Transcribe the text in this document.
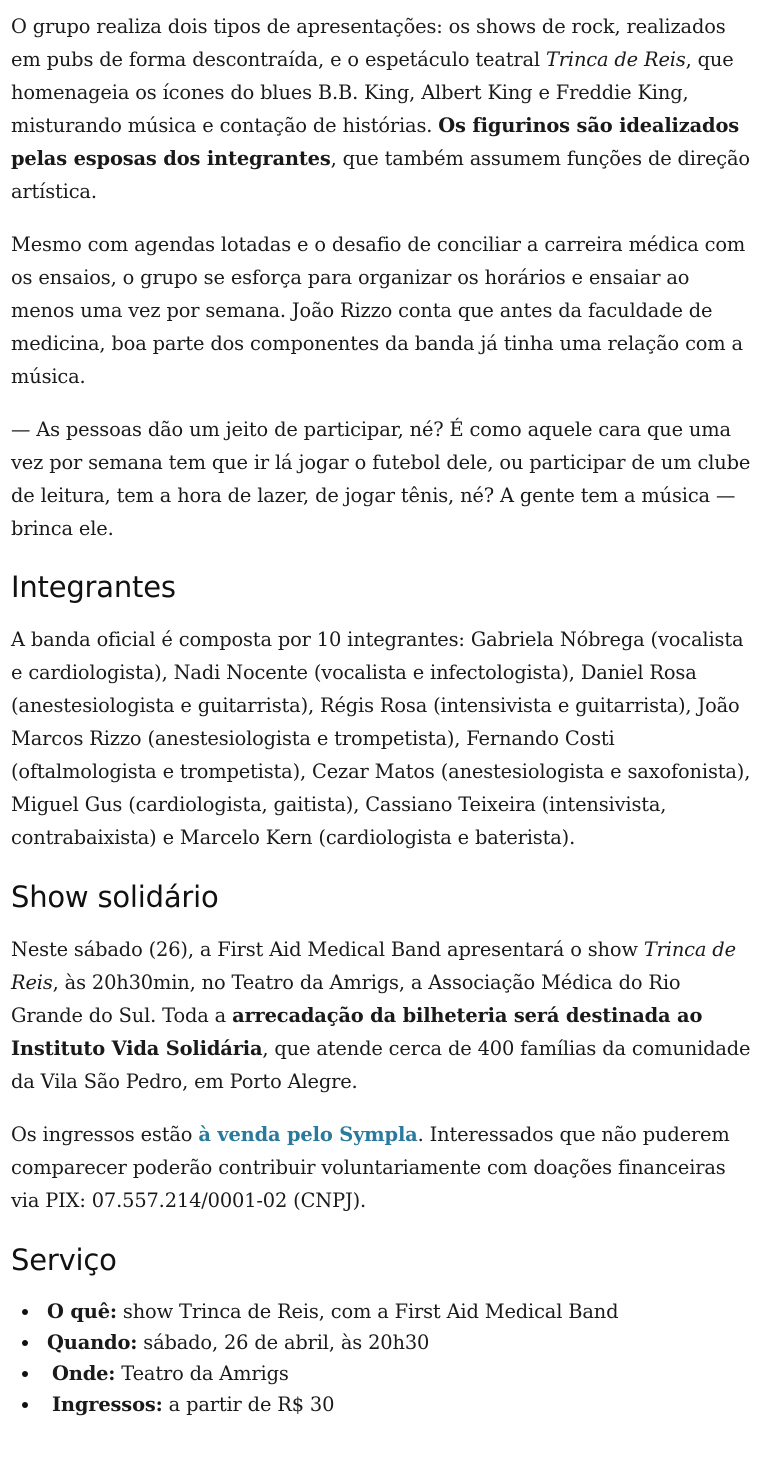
O grupo realiza dois tipos de apresentações: os shows de rock, realizados em pubs de forma descontraída, e o espetáculo teatral Trinca de Reis, que homenageia os ícones do blues B.B. King, Albert King e Freddie King, misturando música e contação de histórias. Os figurinos são idealizados pelas esposas dos integrantes, que também assumem funções de direção artística.

Mesmo com agendas lotadas e o desafio de conciliar a carreira médica com os ensaios, o grupo se esforça para organizar os horários e ensaiar ao menos uma vez por semana. João Rizzo conta que antes da faculdade de medicina, boa parte dos componentes da banda já tinha uma relação com a música.

— As pessoas dão um jeito de participar, né? É como aquele cara que uma vez por semana tem que ir lá jogar o futebol dele, ou participar de um clube de leitura, tem a hora de lazer, de jogar tênis, né? A gente tem a música — brinca ele.

Integrantes

A banda oficial é composta por 10 integrantes: Gabriela Nóbrega (vocalista e cardiologista), Nadi Nocente (vocalista e infectologista), Daniel Rosa (anestesiologista e guitarrista), Régis Rosa (intensivista e guitarrista), João Marcos Rizzo (anestesiologista e trompetista), Fernando Costi (oftalmologista e trompetista), Cezar Matos (anestesiologista e saxofonista), Miguel Gus (cardiologista, gaitista), Cassiano Teixeira (intensivista, contrabaixista) e Marcelo Kern (cardiologista e baterista).

Show solidário

Neste sábado (26), a First Aid Medical Band apresentará o show Trinca de Reis, às 20h30min, no Teatro da Amrigs, a Associação Médica do Rio Grande do Sul. Toda a arrecadação da bilheteria será destinada ao Instituto Vida Solidária, que atende cerca de 400 famílias da comunidade da Vila São Pedro, em Porto Alegre.

Os ingressos estão à venda pelo Sympla. Interessados que não puderem comparecer poderão contribuir voluntariamente com doações financeiras via PIX: 07.557.214/0001-02 (CNPJ).

Serviço
O quê: show Trinca de Reis, com a First Aid Medical Band
Quando: sábado, 26 de abril, às 20h30
Onde: Teatro da Amrigs
Ingressos: a partir de R$ 30
